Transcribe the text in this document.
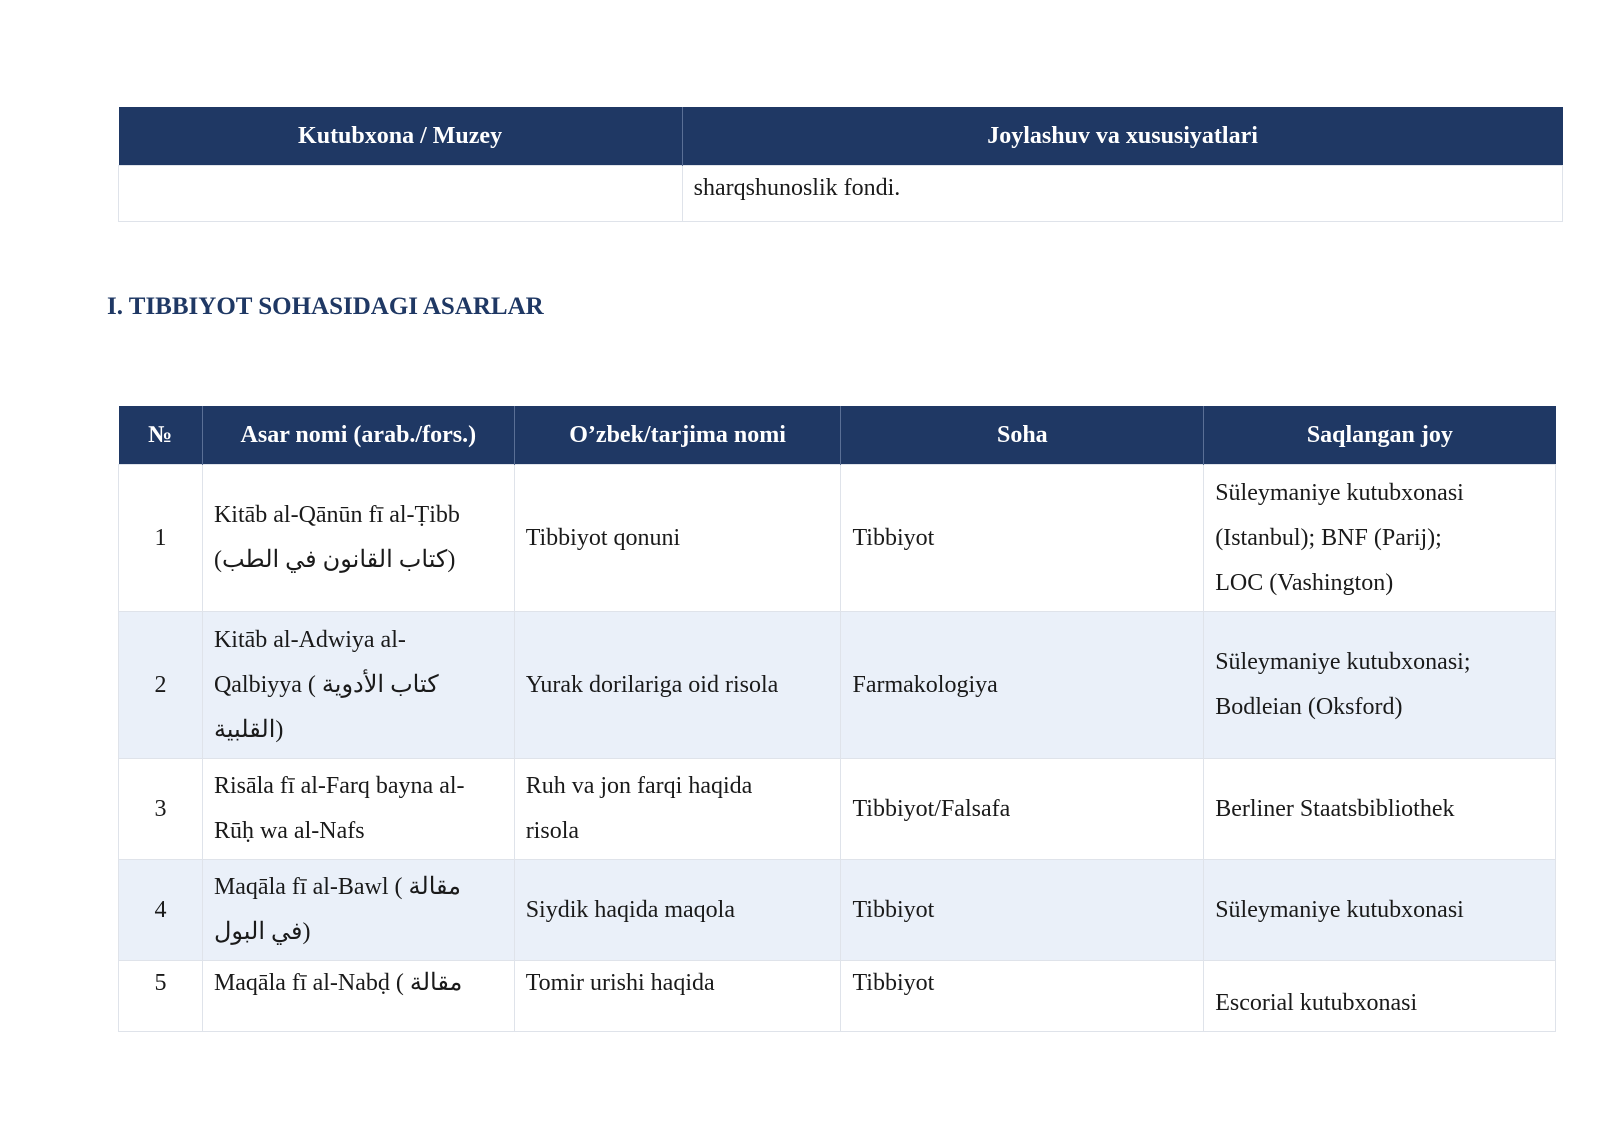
Kutubxona / Muzey	Joylashuv va xususiyatlari
	sharqshunoslik fondi.
I. TIBBIYOT SOHASIDAGI ASARLAR
№	Asar nomi (arab./fors.)	O’zbek/tarjima nomi	Soha	Saqlangan joy
1	Kitāb al-Qānūn fī al-Ṭibb
(كتاب القانون في الطب)	Tibbiyot qonuni	Tibbiyot	Süleymaniye kutubxonasi
(Istanbul); BNF (Parij);
LOC (Vashington)
2	Kitāb al-Adwiya al-
Qalbiyya ( كتاب الأدوية
القلبية)	Yurak dorilariga oid risola	Farmakologiya	Süleymaniye kutubxonasi;
Bodleian (Oksford)
3	Risāla fī al-Farq bayna al-
Rūḥ wa al-Nafs	Ruh va jon farqi haqida
risola	Tibbiyot/Falsafa	Berliner Staatsbibliothek
4	Maqāla fī al-Bawl ( مقالة
في البول)	Siydik haqida maqola	Tibbiyot	Süleymaniye kutubxonasi
5	Maqāla fī al-Nabḍ ( مقالة	Tomir urishi haqida	Tibbiyot	Escorial kutubxonasi
